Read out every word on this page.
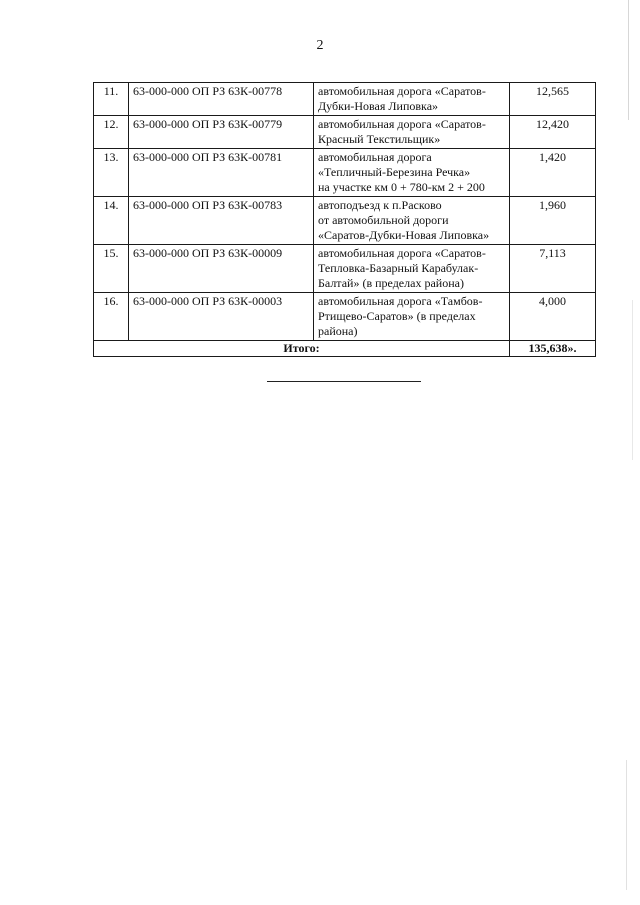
2
11.	63-000-000 ОП РЗ 63К-00778	автомобильная дорога «Саратов-
Дубки-Новая Липовка»	12,565
12.	63-000-000 ОП РЗ 63К-00779	автомобильная дорога «Саратов-
Красный Текстильщик»	12,420
13.	63-000-000 ОП РЗ 63К-00781	автомобильная дорога
«Тепличный-Березина Речка»
на участке км 0 + 780-км 2 + 200	1,420
14.	63-000-000 ОП РЗ 63К-00783	автоподъезд к п.Расково
от автомобильной дороги
«Саратов-Дубки-Новая Липовка»	1,960
15.	63-000-000 ОП РЗ 63К-00009	автомобильная дорога «Саратов-
Тепловка-Базарный Карабулак-
Балтай» (в пределах района)	7,113
16.	63-000-000 ОП РЗ 63К-00003	автомобильная дорога «Тамбов-
Ртищево-Саратов» (в пределах
района)	4,000
Итого:			135,638».
